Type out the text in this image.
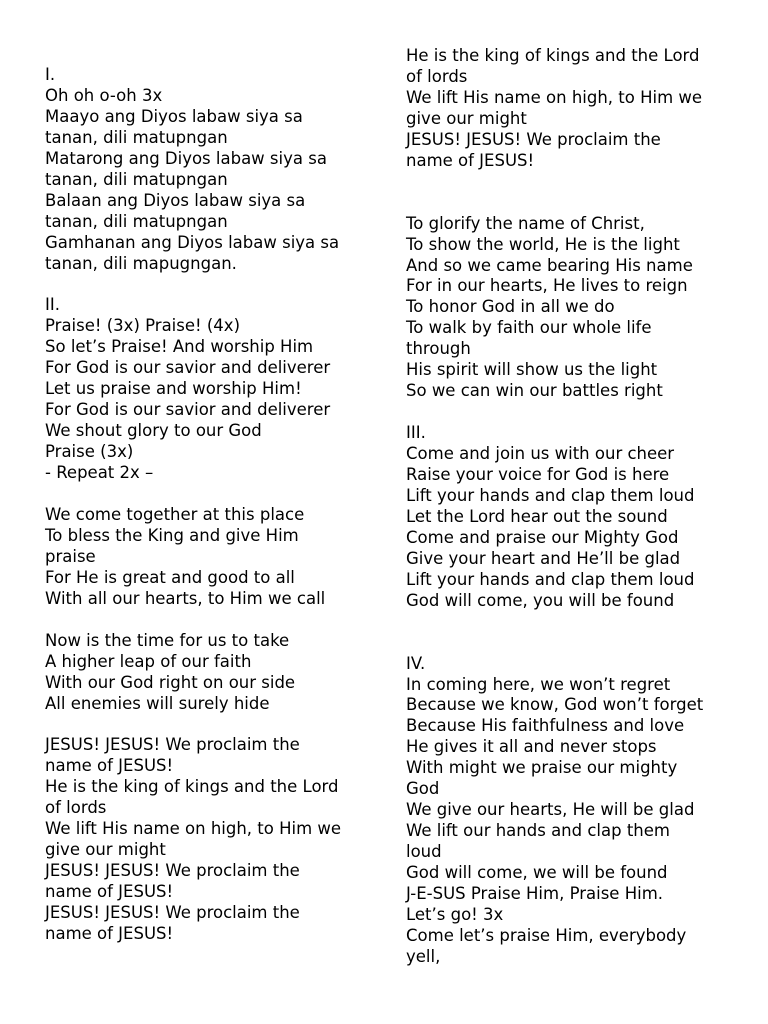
I.
Oh oh o-oh 3x
Maayo ang Diyos labaw siya sa
tanan, dili matupngan
Matarong ang Diyos labaw siya sa
tanan, dili matupngan
Balaan ang Diyos labaw siya sa
tanan, dili matupngan
Gamhanan ang Diyos labaw siya sa
tanan, dili mapugngan.
II.
Praise! (3x) Praise! (4x)
So let’s Praise! And worship Him
For God is our savior and deliverer
Let us praise and worship Him!
For God is our savior and deliverer
We shout glory to our God
Praise (3x)
- Repeat 2x –
We come together at this place
To bless the King and give Him
praise
For He is great and good to all
With all our hearts, to Him we call
Now is the time for us to take
A higher leap of our faith
With our God right on our side
All enemies will surely hide
JESUS! JESUS! We proclaim the
name of JESUS!
He is the king of kings and the Lord
of lords
We lift His name on high, to Him we
give our might
JESUS! JESUS! We proclaim the
name of JESUS!
JESUS! JESUS! We proclaim the
name of JESUS!
He is the king of kings and the Lord
of lords
We lift His name on high, to Him we
give our might
JESUS! JESUS! We proclaim the
name of JESUS!
To glorify the name of Christ,
To show the world, He is the light
And so we came bearing His name
For in our hearts, He lives to reign
To honor God in all we do
To walk by faith our whole life
through
His spirit will show us the light
So we can win our battles right
III.
Come and join us with our cheer
Raise your voice for God is here
Lift your hands and clap them loud
Let the Lord hear out the sound
Come and praise our Mighty God
Give your heart and He’ll be glad
Lift your hands and clap them loud
God will come, you will be found
IV.
In coming here, we won’t regret
Because we know, God won’t forget
Because His faithfulness and love
He gives it all and never stops
With might we praise our mighty
God
We give our hearts, He will be glad
We lift our hands and clap them
loud
God will come, we will be found
J-E-SUS Praise Him, Praise Him.
Let’s go! 3x
Come let’s praise Him, everybody
yell,
